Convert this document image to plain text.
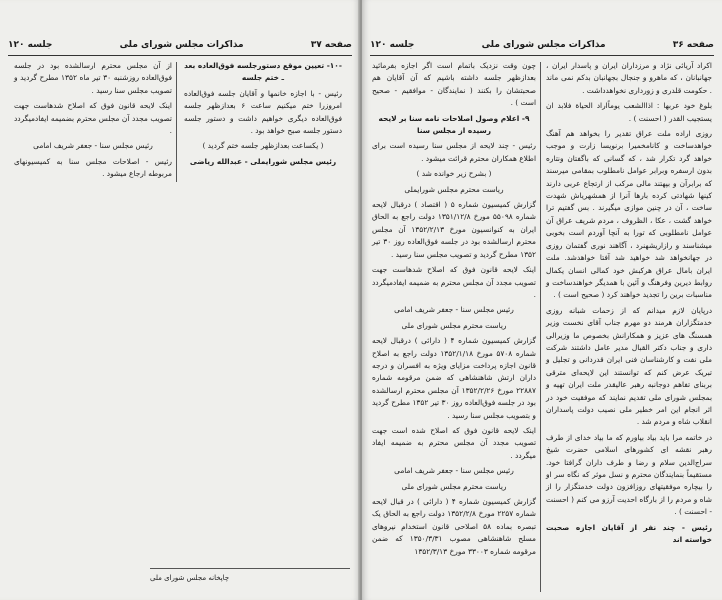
صفحه ۳۷
مذاکرات مجلس شورای ملی
جلسه ۱۲۰

-۱۰- تعیین موقع دستورجلسه فوق‌العاده بعد ـ ختم جلسه

رئیس - با اجازه خانمها و آقایان جلسه فوق‌العاده امروزرا ختم میکنیم ساعت ۶ بعدازظهر جلسه فوق‌العاده دیگری خواهیم داشت و دستور جلسه دستور جلسه صبح خواهد بود .

( یکساعت بعدازظهر جلسه ختم گردید )

رئیس مجلس شورایملی - عبدالله ریاضی

از آن مجلس محترم ارسالشده بود در جلسه فوق‌العاده روزشنبه ۳۰ تیر ماه ۱۳۵۲ مطرح گردید و تصویب مجلس سنا رسید .

اینک لایحه قانون فوق که اصلاح شدهاست جهت تصویب مجدد آن مجلس محترم بضمیمه ایفادمیگردد .

رئیس مجلس سنا - جعفر شریف امامی

رئیس - اصلاحات مجلس سنا به کمیسیونهای مربوطه ارجاع میشود .

چاپخانه مجلس شورای ملی
صفحه ۳۶
مذاکرات مجلس شورای ملی
جلسه ۱۲۰

اکراد آریائی نژاد و مرزداران ایران و پاسدار ایران ، جهانبانان ، که ماهرو و جنجال بجهانبان بدکم نمی ماند . حکومت قلدری و زورداری نخواهدداشت .

بلوغ خود عربها : اذاالشعب یوماًاراد الحیاة فلابد ان یستجیب القدر ( احسنت ) .

روزی اراده ملت عراق تقدیر را بخواهد هم آهنگ خواهدساخت و کانامخمیرا برنویسا زارت و موجب خواهد گرد تکرار شد ، که گسانی که باگفتان ونتاره بدون ارسفره وبرابر عوامل نامطلوب بمقامی میرسند که برابرآن و بپهتند مالی مرکب از ارتجاع عربی دارند کینها شهادتی کرده بارها آنرا از همشهریاش شهدت ساخت ، آن در چنین موازی میگیرند . بس گفتیم ترا خواهد گشت ، عکا ، الظروف ، مردم شریف عراق آن عوامل نامطلوبی که تورا به آنچا آوردم است بخوبی میشناسند و رازاریشهنرد ، آگاهند نوری گفتمان روزی در جهانخواهد شد خواهید شد آفتا خواهدشد. ملت ایران بامال عراق هرکبش خود کمالی انسان یکمال روابط دیرین وفرهنگ و آئین با همدیگر خواهندساخت و مناسبات برین را تجدید خواهند کرد ( صحیح است ) .

درپایان لازم میدانم که از زحمات شبانه روزی خدمتگزاران هرمند دو مهرم جناب آقای نخست وزیر همسنگ های عزیز و همکارانش بخصوص ما وزیرالی داری و جناب دکتر القبال مدیر عامل داشتند شرکت ملی نفت و کارشناسان فنی ایران قدردانی و تجلیل و تبریک عرض کنم که توانستند این لایحه‌ای مترقی بربنای تفاهم دوجانبه رهبر عالیقدر ملت ایران تهیه و بمجلس شورای ملی تقدیم نمایند که موفقیت خود در اثر انجام این امر خطیر ملی نصیب دولت پاسداران انقلاب شاه و مردم شد .

در خاتمه مرا باید بیاد بیاورم که ما بیاد خدای از طرف رهبر نقشه ای کشورهای اسلامی حضرت شیخ سراج‌الدین سلام و رضا و طرف داران گرافتا خود. مستقیماً بنمایندگان محترم و نسل موثر که نگاه سر او را بیچاره موفقیتهای روزافزون دولت خدمتگزار را از شاه و مردم را از بارگاه احدیت آرزو می کنم ( احسنت - احسنت ) .

رئیس - چند نفر از آقایان اجازه صحبت خواسته اند

چون وقت نزدیک باتمام است اگر اجازه بفرمائید بعدازظهر جلسه داشته باشیم که آن آقایان هم صحبتشان را بکنند ( نمایندگان - موافقیم - صحیح است ) .

۹- اعلام وصول اصلاحات نامه سنا بر لایحه رسیده از مجلس سنا

رئیس - چند لایحه از مجلس سنا رسیده است برای اطلاع همکاران محترم قرائت میشود .

( بشرح زیر خوانده شد )

ریاست محترم مجلس شورایملی

گزارش کمیسیون شماره ۵ ( اقتصاد ) درقبال لایحه شماره ۵۵۰۹۸ مورخ ۱۳۵۱/۱۲/۸ دولت راجع به الحاق ایران به کنوانسیون مورخ ۱۳۵۲/۲/۱۳ آن مجلس محترم ارسالشده بود در جلسه فوق‌العاده روز ۳۰ تیر ۱۳۵۲ مطرح گردید و تصویب مجلس سنا رسید .

اینک لایحه قانون فوق که اصلاح شدهاست جهت تصویب مجدد آن مجلس محترم به ضمیمه ایفادمیگردد .

رئیس مجلس سنا - جعفر شریف امامی

ریاست محترم مجلس شورای ملی

گزارش کمیسیون شماره ۴ ( دارائی ) درقبال لایحه شماره ۵۷۰۸ مورخ ۱۳۵۲/۱/۱۸ دولت راجع به اصلاح قانون اجازه پرداخت مزایای ویژه به افسران و درجه داران ارتش شاهنشاهی که ضمن مرقومه شماره ۲۲۸۸۷ مورخ ۱۳۵۲/۲/۲۶ آن مجلس محترم ارسالشده بود در جلسه فوق‌العاده روز ۳۰ تیر ۱۳۵۲ مطرح گردید و بتصویب مجلس سنا رسید .

اینک لایحه قانون فوق که اصلاح شده است جهت تصویب مجدد آن مجلس محترم به ضمیمه ایفاد میگردد .

رئیس مجلس سنا - جعفر شریف امامی

ریاست محترم مجلس شورای ملی

گزارش کمیسیون شماره ۴ ( دارائی ) در قبال لایحه شماره ۲۲۵۷ مورخ ۱۳۵۲/۲/۸ دولت راجع به الحاق یک تبصره بماده ۵۸ اصلاحی قانون استخدام نیروهای مسلح شاهنشاهی مصوب ۱۳۵۰/۳/۳۱ که ضمن مرقومه شماره ۳۳۰۰۳ مورخ ۱۳۵۲/۳/۱۳
